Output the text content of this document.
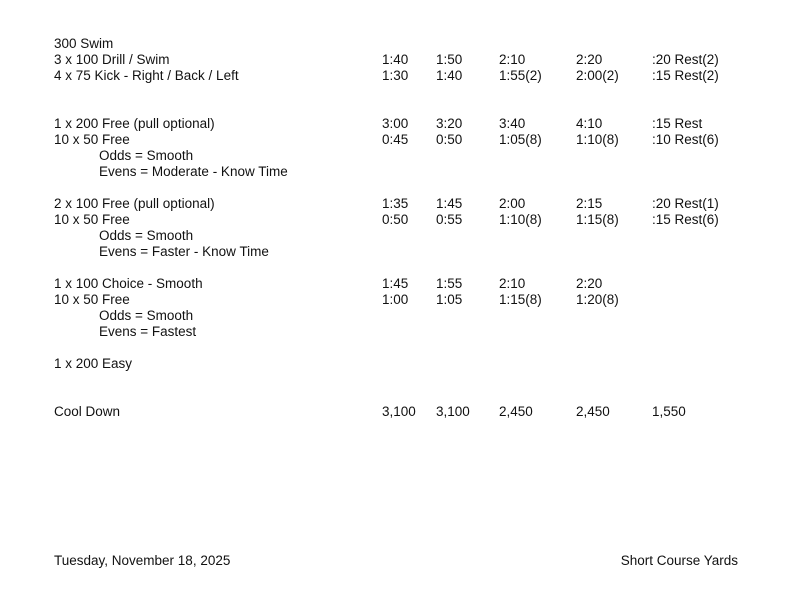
300 Swim
3 x 100 Drill / Swim	1:40 1:50	2:10	2:20	:20 Rest(2)
4 x 75 Kick - Right / Back / Left	1:30 1:40	1:55(2)	2:00(2) :15 Rest(2)
1 x 200 Free (pull optional)	3:00 3:20	3:40	4:10	:15 Rest
10 x 50 Free	0:45 0:50	1:05(8)	1:10(8) :10 Rest(6)
Odds = Smooth
Evens = Moderate - Know Time
2 x 100 Free (pull optional)	1:35 1:45	2:00	2:15	:20 Rest(1)
10 x 50 Free	0:50 0:55	1:10(8)	1:15(8) :15 Rest(6)
Odds = Smooth
Evens = Faster - Know Time
1 x 100 Choice - Smooth	1:45 1:55	2:10	2:20
10 x 50 Free	1:00 1:05	1:15(8)	1:20(8)
Odds = Smooth
Evens = Fastest
1 x 200 Easy
Cool Down	3,100 3,100 2,450	2,450	1,550
Tuesday, November 18, 2025	Short Course Yards
